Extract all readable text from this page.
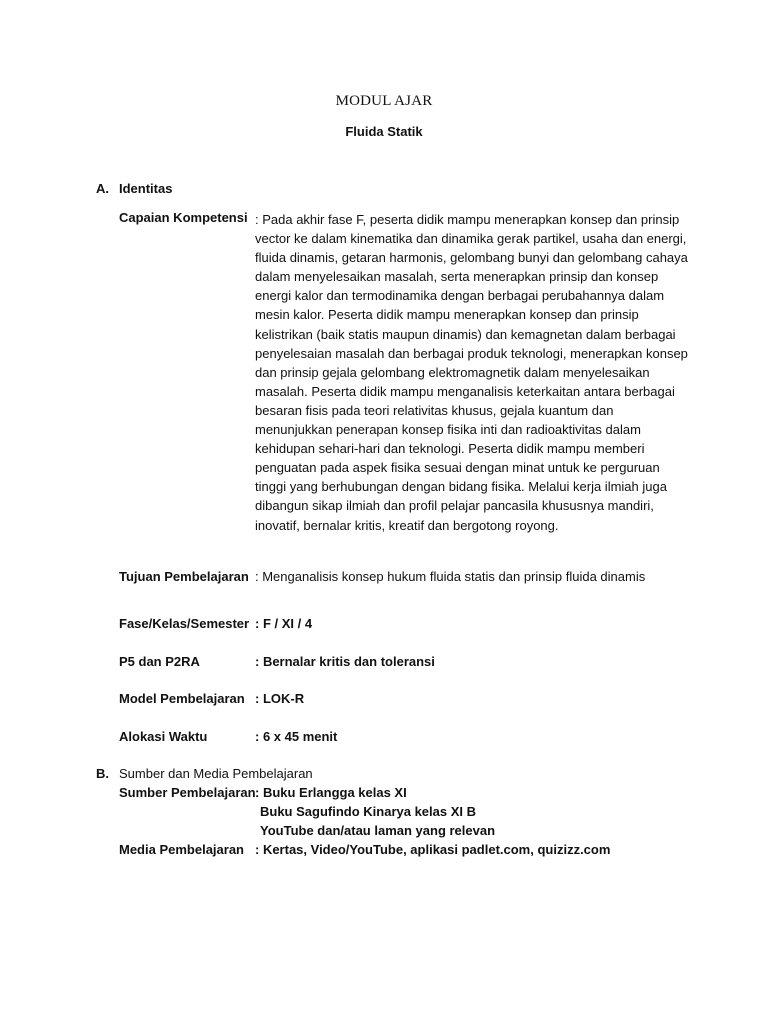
MODUL AJAR
Fluida Statik
A. Identitas
Capaian Kompetensi : Pada akhir fase F, peserta didik mampu menerapkan konsep dan prinsip
vector ke dalam kinematika dan dinamika gerak partikel, usaha dan energi,
fluida dinamis, getaran harmonis, gelombang bunyi dan gelombang cahaya
dalam menyelesaikan masalah, serta menerapkan prinsip dan konsep
energi kalor dan termodinamika dengan berbagai perubahannya dalam
mesin kalor. Peserta didik mampu menerapkan konsep dan prinsip
kelistrikan (baik statis maupun dinamis) dan kemagnetan dalam berbagai
penyelesaian masalah dan berbagai produk teknologi, menerapkan konsep
dan prinsip gejala gelombang elektromagnetik dalam menyelesaikan
masalah. Peserta didik mampu menganalisis keterkaitan antara berbagai
besaran fisis pada teori relativitas khusus, gejala kuantum dan
menunjukkan penerapan konsep fisika inti dan radioaktivitas dalam
kehidupan sehari-hari dan teknologi. Peserta didik mampu memberi
penguatan pada aspek fisika sesuai dengan minat untuk ke perguruan
tinggi yang berhubungan dengan bidang fisika. Melalui kerja ilmiah juga
dibangun sikap ilmiah dan profil pelajar pancasila khususnya mandiri,
inovatif, bernalar kritis, kreatif dan bergotong royong.
Tujuan Pembelajaran : Menganalisis konsep hukum fluida statis dan prinsip fluida dinamis
Fase/Kelas/Semester : F / XI / 4
P5 dan P2RA	: Bernalar kritis dan toleransi
Model Pembelajaran : LOK-R
Alokasi Waktu	: 6 x 45 menit
B. Sumber dan Media Pembelajaran
Sumber Pembelajaran : Buku Erlangga kelas XI
Buku Sagufindo Kinarya kelas XI B
YouTube dan/atau laman yang relevan
Media Pembelajaran : Kertas, Video/YouTube, aplikasi padlet.com, quizizz.com
